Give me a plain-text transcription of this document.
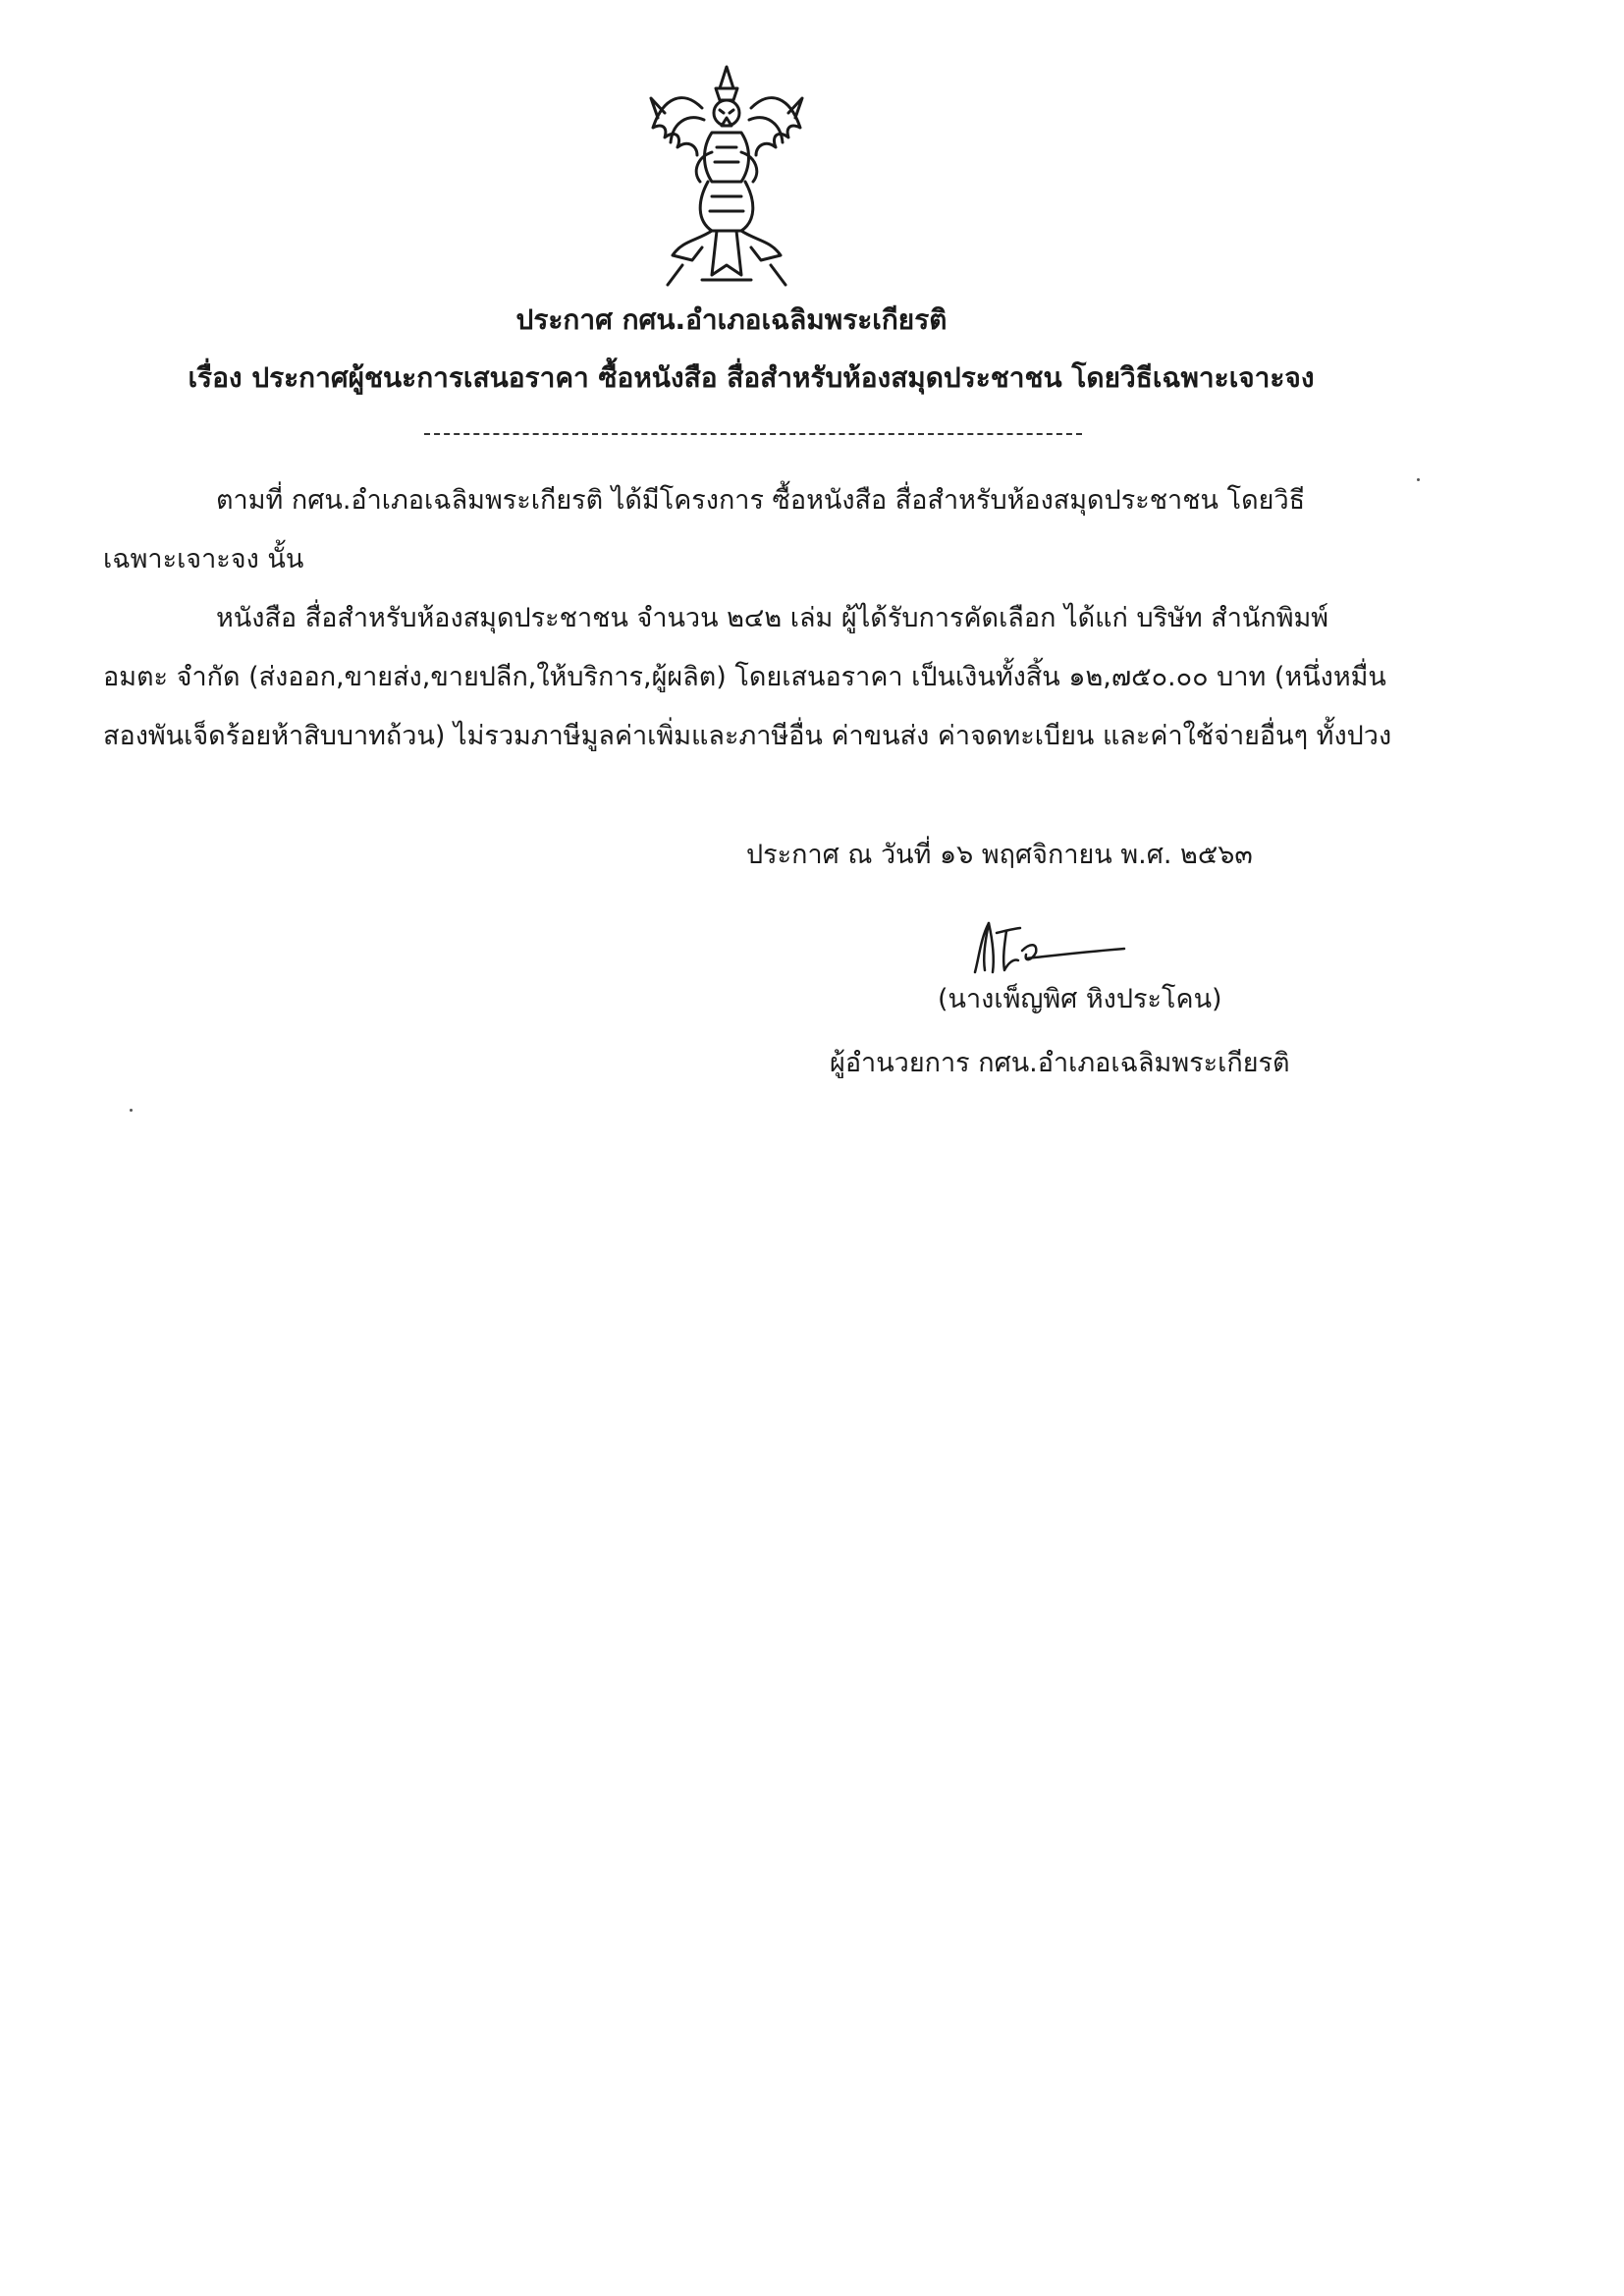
ประกาศ กศน.อำเภอเฉลิมพระเกียรติ
เรื่อง ประกาศผู้ชนะการเสนอราคา ซื้อหนังสือ สื่อสำหรับห้องสมุดประชาชน โดยวิธีเฉพาะเจาะจง
ตามที่ กศน.อำเภอเฉลิมพระเกียรติ ได้มีโครงการ ซื้อหนังสือ สื่อสำหรับห้องสมุดประชาชน โดยวิธี
เฉพาะเจาะจง นั้น
หนังสือ สื่อสำหรับห้องสมุดประชาชน จำนวน ๒๔๒ เล่ม ผู้ได้รับการคัดเลือก ได้แก่ บริษัท สำนักพิมพ์
อมตะ จำกัด (ส่งออก,ขายส่ง,ขายปลีก,ให้บริการ,ผู้ผลิต) โดยเสนอราคา เป็นเงินทั้งสิ้น ๑๒,๗๕๐.๐๐ บาท (หนึ่งหมื่น
สองพันเจ็ดร้อยห้าสิบบาทถ้วน) ไม่รวมภาษีมูลค่าเพิ่มและภาษีอื่น ค่าขนส่ง ค่าจดทะเบียน และค่าใช้จ่ายอื่นๆ ทั้งปวง
ประกาศ ณ วันที่ ๑๖ พฤศจิกายน พ.ศ. ๒๕๖๓
(นางเพ็ญพิศ หิงประโคน)
ผู้อำนวยการ กศน.อำเภอเฉลิมพระเกียรติ
